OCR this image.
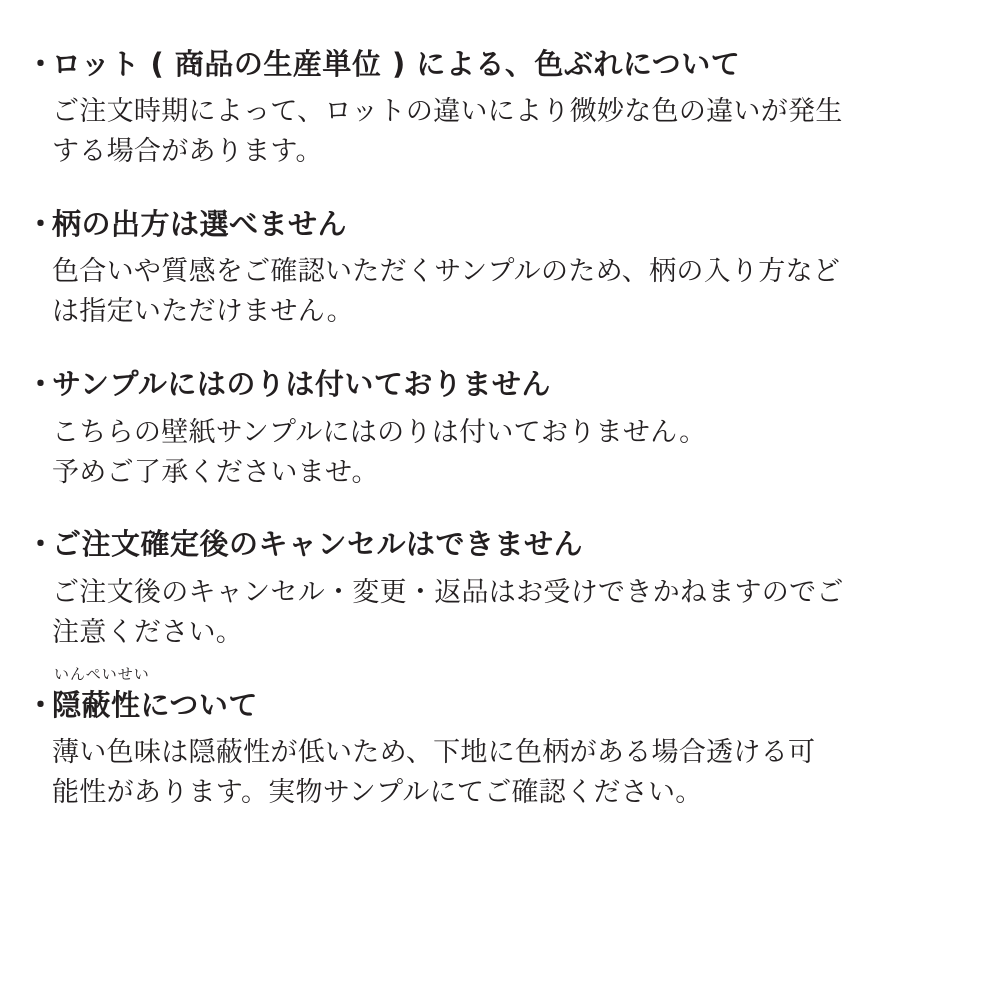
・
ロット ( 商品の生産単位 ) による、色ぶれについて

ご注文時期によって、ロットの違いにより微妙な色の違いが発生
する場合があります。

・
柄の出方は選べません

色合いや質感をご確認いただくサンプルのため、柄の入り方など
は指定いただけません。

・
サンプルにはのりは付いておりません

こちらの壁紙サンプルにはのりは付いておりません。
予めご了承くださいませ。

・
ご注文確定後のキャンセルはできません

ご注文後のキャンセル・変更・返品はお受けできかねますのでご
注意ください。

・
いんぺいせい
隠蔽性について

薄い色味は隠蔽性が低いため、下地に色柄がある場合透ける可
能性があります。実物サンプルにてご確認ください。
